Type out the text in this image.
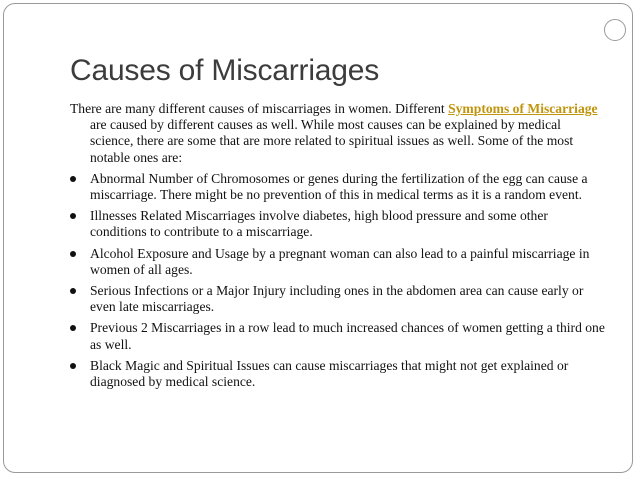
Causes of Miscarriages

There are many different causes of miscarriages in women. Different Symptoms of Miscarriage are caused by different causes as well. While most causes can be explained by medical science, there are some that are more related to spiritual issues as well. Some of the most notable ones are:

Abnormal Number of Chromosomes or genes during the fertilization of the egg can cause a miscarriage. There might be no prevention of this in medical terms as it is a random event.
Illnesses Related Miscarriages involve diabetes, high blood pressure and some other conditions to contribute to a miscarriage.
Alcohol Exposure and Usage by a pregnant woman can also lead to a painful miscarriage in women of all ages.
Serious Infections or a Major Injury including ones in the abdomen area can cause early or even late miscarriages.
Previous 2 Miscarriages in a row lead to much increased chances of women getting a third one as well.
Black Magic and Spiritual Issues can cause miscarriages that might not get explained or diagnosed by medical science.
